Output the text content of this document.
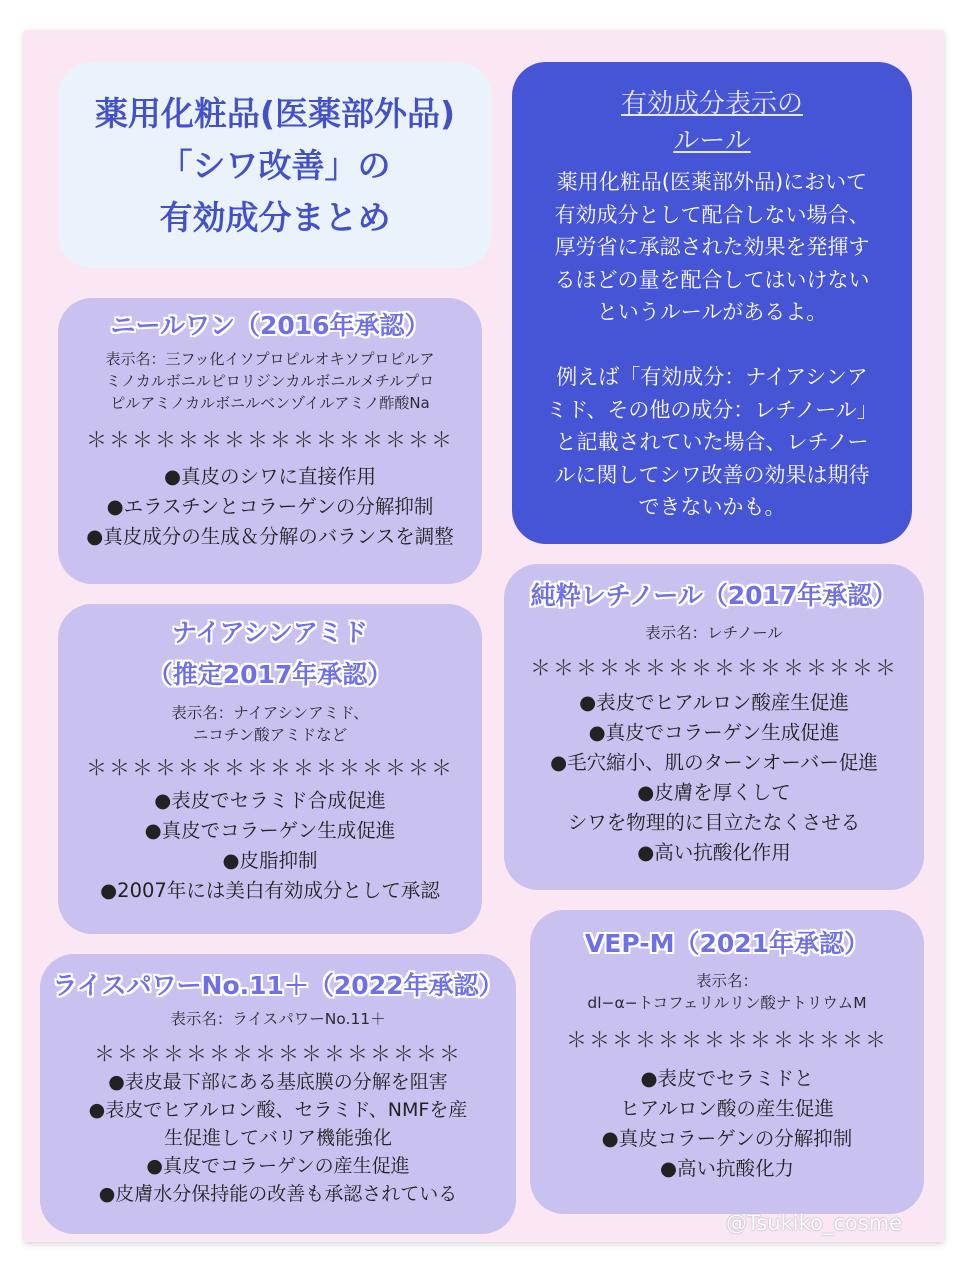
薬用化粧品(医薬部外品)
「シワ改善」の
有効成分まとめ
有効成分表示の
ルール
薬用化粧品(医薬部外品)において
有効成分として配合しない場合、
厚労省に承認された効果を発揮す
るほどの量を配合してはいけない
というルールがあるよ。

例えば「有効成分：ナイアシンア
ミド、その他の成分：レチノール」
と記載されていた場合、レチノー
ルに関してシワ改善の効果は期待
できないかも。
ニールワン（2016年承認）
表示名：三フッ化イソプロピルオキソプロピルア
ミノカルボニルピロリジンカルボニルメチルプロ
ピルアミノカルボニルベンゾイルアミノ酢酸Na
＊＊＊＊＊＊＊＊＊＊＊＊＊＊＊＊
●真皮のシワに直接作用
●エラスチンとコラーゲンの分解抑制
●真皮成分の生成＆分解のバランスを調整
ナイアシンアミド
（推定2017年承認）
表示名：ナイアシンアミド、
ニコチン酸アミドなど
＊＊＊＊＊＊＊＊＊＊＊＊＊＊＊＊
●表皮でセラミド合成促進
●真皮でコラーゲン生成促進
●皮脂抑制
●2007年には美白有効成分として承認
ライスパワーNo.11＋（2022年承認）
表示名：ライスパワーNo.11＋
＊＊＊＊＊＊＊＊＊＊＊＊＊＊＊＊
●表皮最下部にある基底膜の分解を阻害
●表皮でヒアルロン酸、セラミド、NMFを産
生促進してバリア機能強化
●真皮でコラーゲンの産生促進
●皮膚水分保持能の改善も承認されている
純粋レチノール（2017年承認）
表示名：レチノール
＊＊＊＊＊＊＊＊＊＊＊＊＊＊＊＊
●表皮でヒアルロン酸産生促進
●真皮でコラーゲン生成促進
●毛穴縮小、肌のターンオーバー促進
●皮膚を厚くして
シワを物理的に目立たなくさせる
●高い抗酸化作用
VEP-M（2021年承認）
表示名：
dl−α−トコフェリルリン酸ナトリウムM
＊＊＊＊＊＊＊＊＊＊＊＊＊＊
●表皮でセラミドと
ヒアルロン酸の産生促進
●真皮コラーゲンの分解抑制
●高い抗酸化力
@Tsukiko_cosme
